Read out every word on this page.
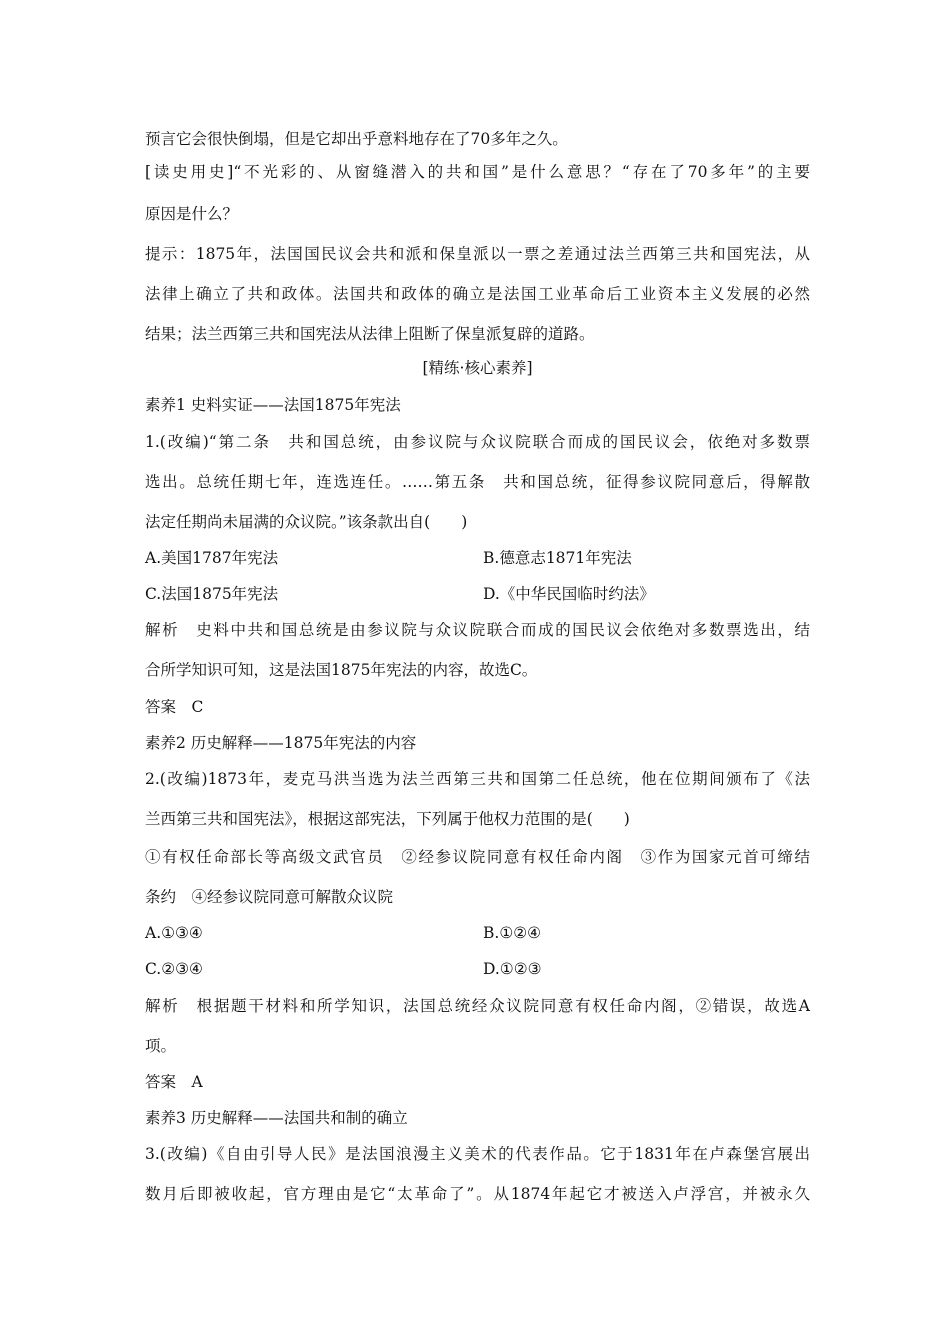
预言它会很快倒塌，但是它却出乎意料地存在了70多年之久。
[读史用史]“不光彩的、从窗缝潜入的共和国”是什么意思？“存在了70多年”的主要
原因是什么？
提示：1875年，法国国民议会共和派和保皇派以一票之差通过法兰西第三共和国宪法，从
法律上确立了共和政体。法国共和政体的确立是法国工业革命后工业资本主义发展的必然
结果；法兰西第三共和国宪法从法律上阻断了保皇派复辟的道路。
[精练·核心素养]
素养1 史料实证——法国1875年宪法
1.(改编)“第二条　共和国总统，由参议院与众议院联合而成的国民议会，依绝对多数票
选出。总统任期七年，连选连任。……第五条　共和国总统，征得参议院同意后，得解散
法定任期尚未届满的众议院。”该条款出自(　　)
A.美国1787年宪法	B.德意志1871年宪法
C.法国1875年宪法	D.《中华民国临时约法》
解析　史料中共和国总统是由参议院与众议院联合而成的国民议会依绝对多数票选出，结
合所学知识可知，这是法国1875年宪法的内容，故选C。
答案　C
素养2 历史解释——1875年宪法的内容
2.(改编)1873年，麦克马洪当选为法兰西第三共和国第二任总统，他在位期间颁布了《法
兰西第三共和国宪法》，根据这部宪法，下列属于他权力范围的是(　　)
①有权任命部长等高级文武官员　②经参议院同意有权任命内阁　③作为国家元首可缔结
条约　④经参议院同意可解散众议院
A.①③④	B.①②④
C.②③④	D.①②③
解析　根据题干材料和所学知识，法国总统经众议院同意有权任命内阁，②错误，故选A
项。
答案　A
素养3 历史解释——法国共和制的确立
3.(改编)《自由引导人民》是法国浪漫主义美术的代表作品。它于1831年在卢森堡宫展出
数月后即被收起，官方理由是它“太革命了”。从1874年起它才被送入卢浮宫，并被永久
